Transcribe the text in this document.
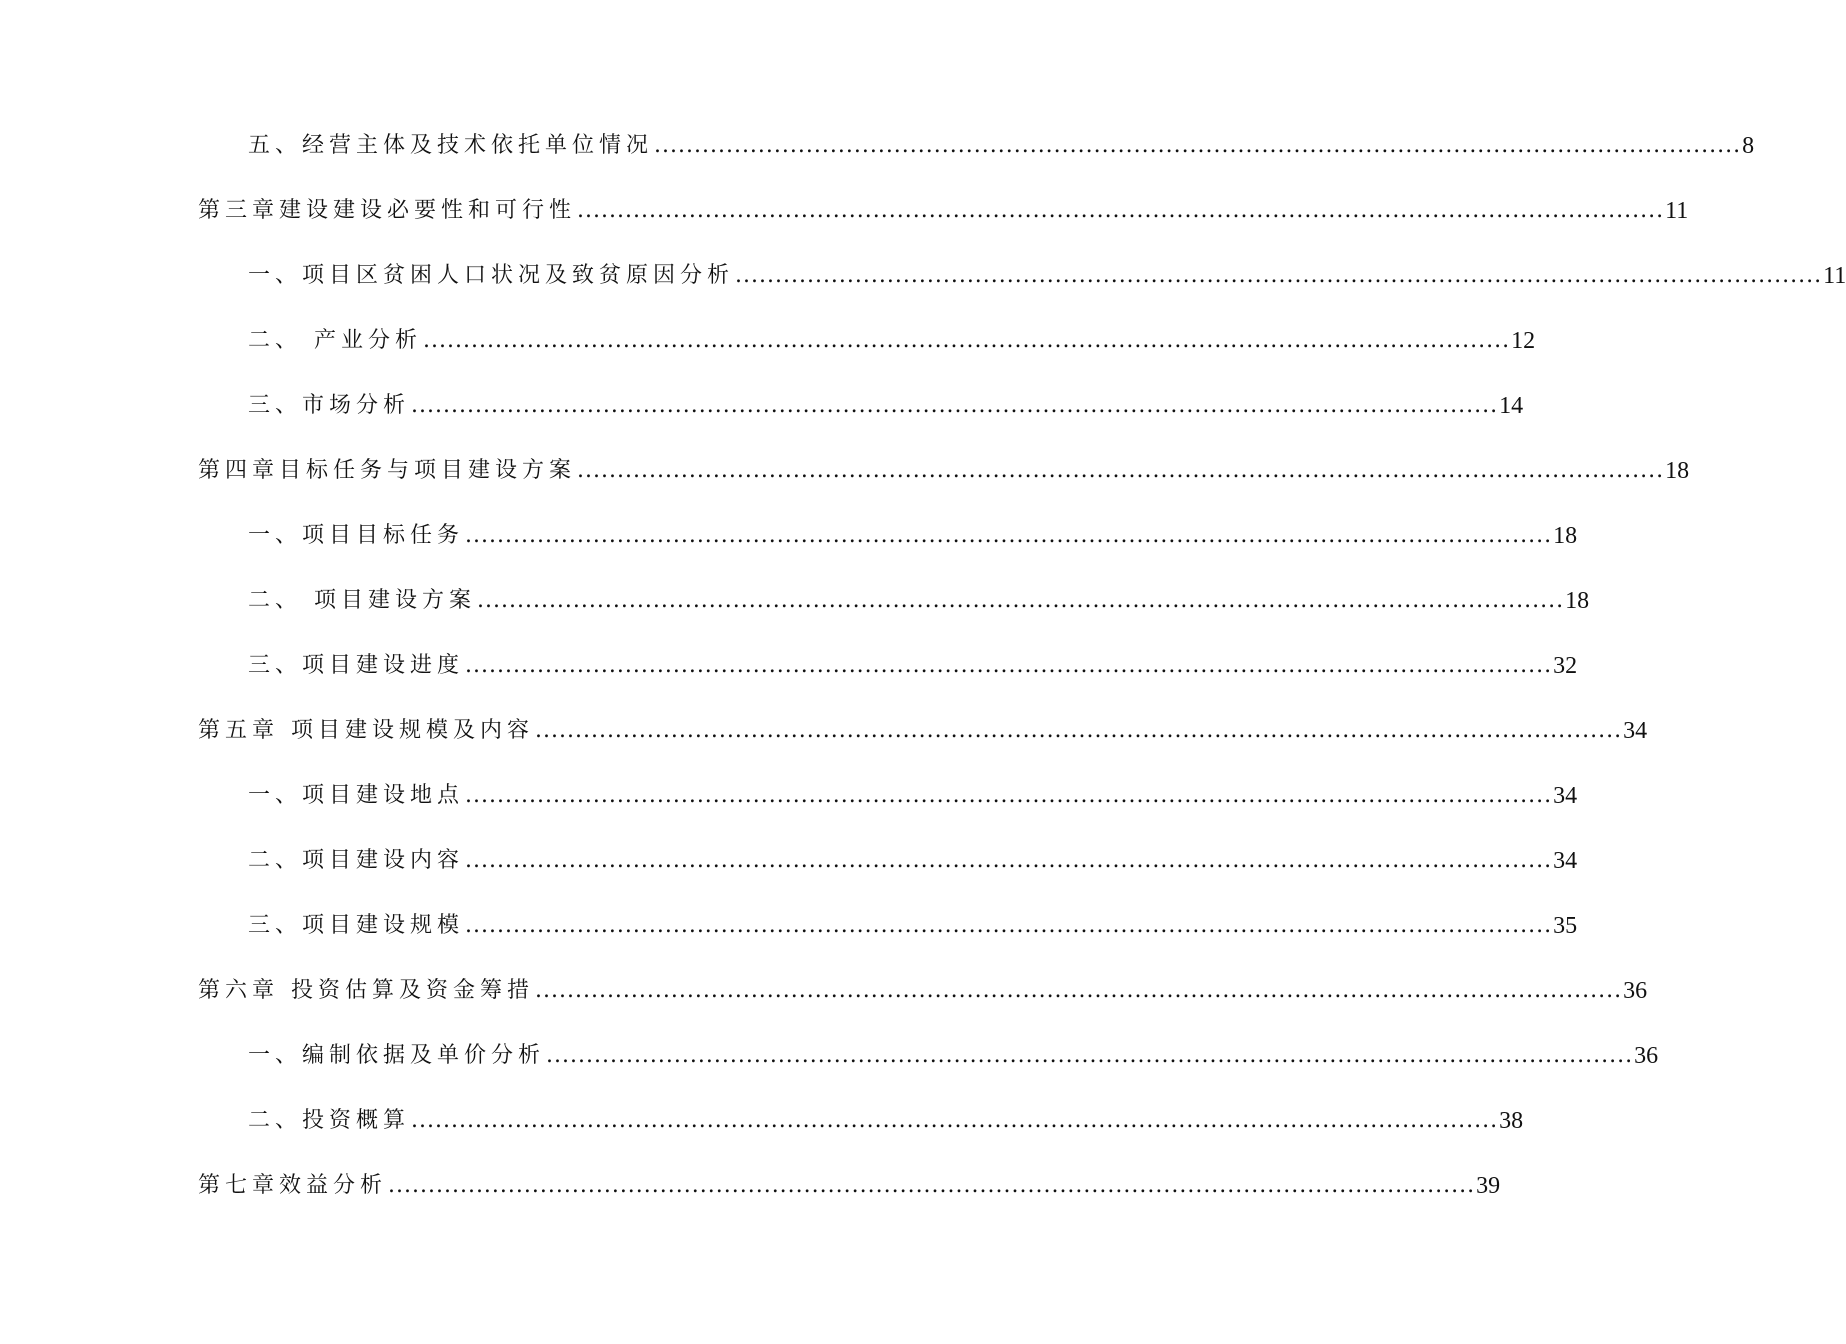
五、经营主体及技术依托单位情况 ........................................................................................................................................ 8
第三章建设建设必要性和可行性 ........................................................................................................................................ 11
一、项目区贫困人口状况及致贫原因分析 ........................................................................................................................................ 11
二、 产业分析 ........................................................................................................................................ 12
三、市场分析 ........................................................................................................................................ 14
第四章目标任务与项目建设方案 ........................................................................................................................................ 18
一、项目目标任务 ........................................................................................................................................ 18
二、 项目建设方案 ........................................................................................................................................ 18
三、项目建设进度 ........................................................................................................................................ 32
第五章 项目建设规模及内容 ........................................................................................................................................ 34
一、项目建设地点 ........................................................................................................................................ 34
二、项目建设内容 ........................................................................................................................................ 34
三、项目建设规模 ........................................................................................................................................ 35
第六章 投资估算及资金筹措 ........................................................................................................................................ 36
一、编制依据及单价分析 ........................................................................................................................................ 36
二、投资概算 ........................................................................................................................................ 38
第七章效益分析 ........................................................................................................................................ 39
